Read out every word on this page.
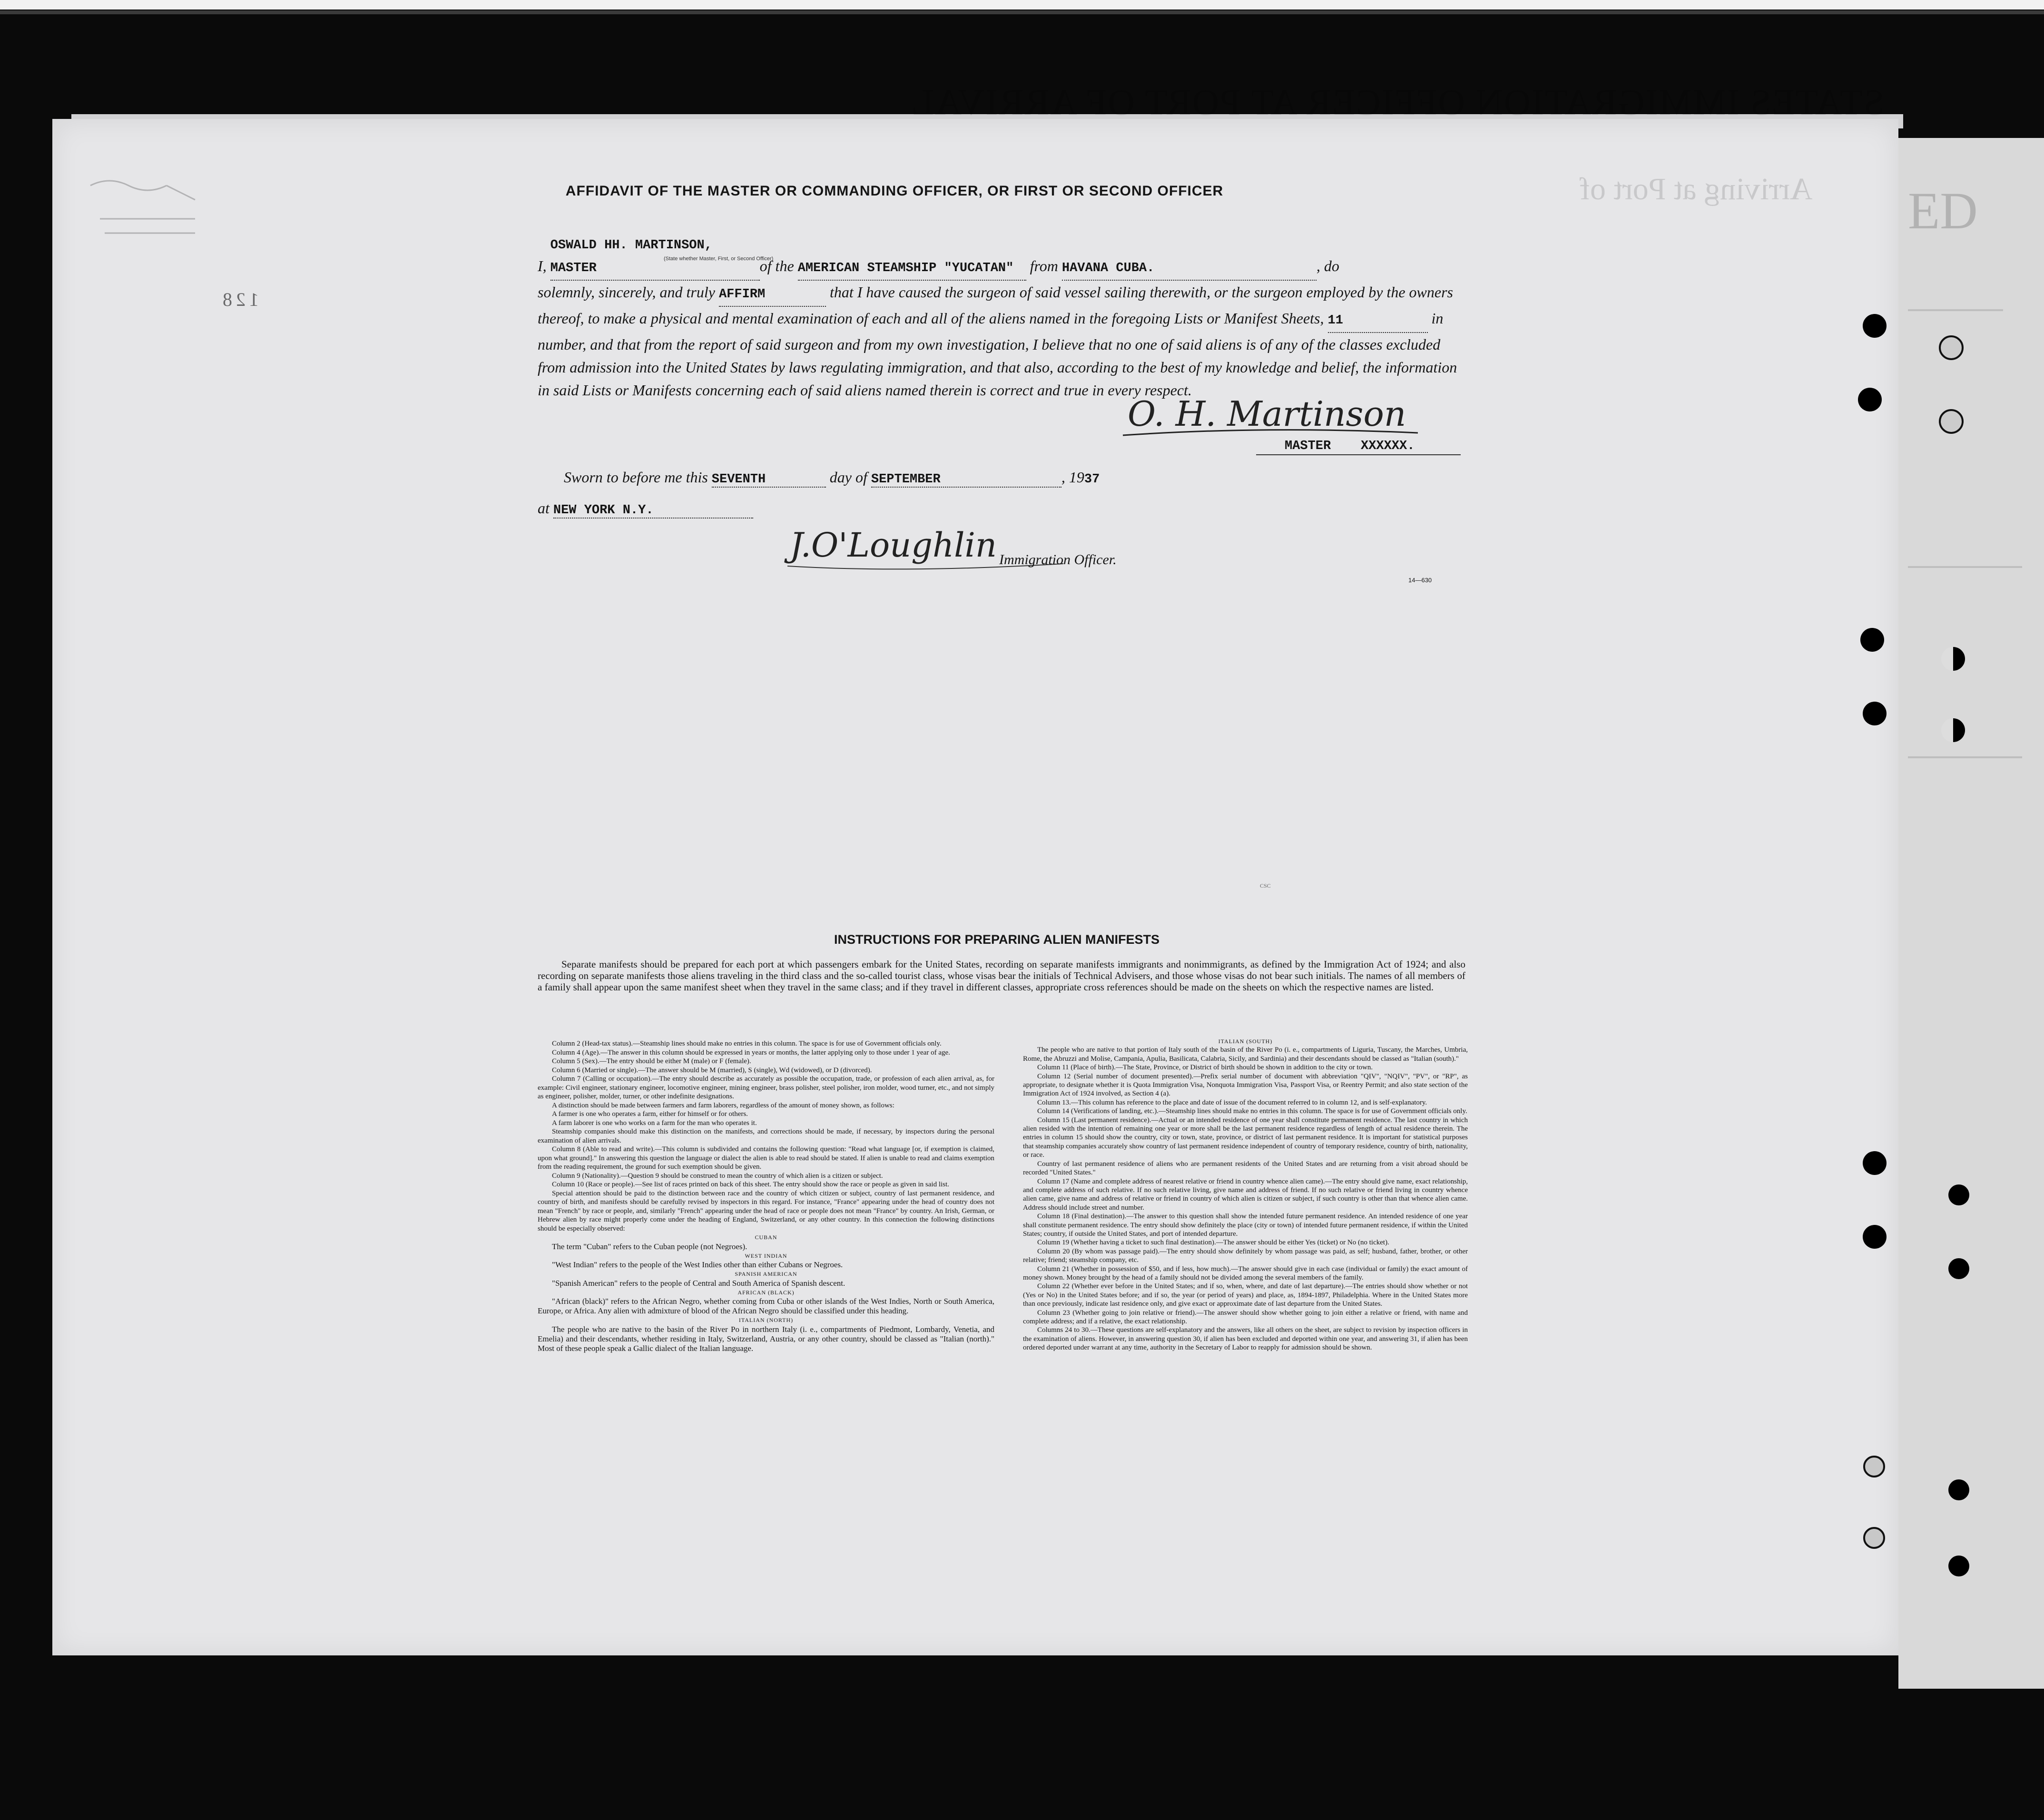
ED
STATES IMMIGRATION OFFICER AT PORT OF ARRIVAL
Arriving at Port of
128
AFFIDAVIT OF THE MASTER OR COMMANDING OFFICER, OR FIRST OR SECOND OFFICER
I, OSWALD HH. MARTINSON, MASTER	of the AMERICAN STEAMSHIP "YUCATAN" from HAVANA CUBA.	, do
solemnly, sincerely, and truly AFFIRM	that I have caused the surgeon of said vessel sailing therewith, or the surgeon employed by the owners thereof, to make a physical and mental examination of each and all of the aliens named in the foregoing Lists or Manifest Sheets, 11	in number, and that from the report of said surgeon and from my own investigation, I believe that no one of said aliens is of any of the classes excluded from admission into the United States by laws regulating immigration, and that also, according to the best of my knowledge and belief, the information in said Lists or Manifests concerning each of said aliens named therein is correct and true in every respect.
(State whether Master, First, or Second Officer)
O. H. Martinson
MASTER XXXXXX.
Sworn to before me this SEVENTH	day of SEPTEMBER	, 1937
at NEW YORK N.Y.
J.O'Loughlin Immigration Officer.
14—630
CSC
INSTRUCTIONS FOR PREPARING ALIEN MANIFESTS
Separate manifests should be prepared for each port at which passengers embark for the United States, recording on separate manifests immigrants and nonimmigrants, as defined by the Immigration Act of 1924; and also recording on separate manifests those aliens traveling in the third class and the so-called tourist class, whose visas bear the initials of Technical Advisers, and those whose visas do not bear such initials. The names of all members of a family shall appear upon the same manifest sheet when they travel in the same class; and if they travel in different classes, appropriate cross references should be made on the sheets on which the respective names are listed.

Column 2 (Head-tax status).—Steamship lines should make no entries in this column. The space is for use of Government officials only.

Column 4 (Age).—The answer in this column should be expressed in years or months, the latter applying only to those under 1 year of age.

Column 5 (Sex).—The entry should be either M (male) or F (female).

Column 6 (Married or single).—The answer should be M (married), S (single), Wd (widowed), or D (divorced).

Column 7 (Calling or occupation).—The entry should describe as accurately as possible the occupation, trade, or profession of each alien arrival, as, for example: Civil engineer, stationary engineer, locomotive engineer, mining engineer, brass polisher, steel polisher, iron molder, wood turner, etc., and not simply as engineer, polisher, molder, turner, or other indefinite designations.

A distinction should be made between farmers and farm laborers, regardless of the amount of money shown, as follows:

A farmer is one who operates a farm, either for himself or for others.

A farm laborer is one who works on a farm for the man who operates it.

Steamship companies should make this distinction on the manifests, and corrections should be made, if necessary, by inspectors during the personal examination of alien arrivals.

Column 8 (Able to read and write).—This column is subdivided and contains the following question: "Read what language [or, if exemption is claimed, upon what ground]." In answering this question the language or dialect the alien is able to read should be stated. If alien is unable to read and claims exemption from the reading requirement, the ground for such exemption should be given.

Column 9 (Nationality).—Question 9 should be construed to mean the country of which alien is a citizen or subject.

Column 10 (Race or people).—See list of races printed on back of this sheet. The entry should show the race or people as given in said list.

Special attention should be paid to the distinction between race and the country of which citizen or subject, country of last permanent residence, and country of birth, and manifests should be carefully revised by inspectors in this regard. For instance, "France" appearing under the head of country does not mean "French" by race or people, and, similarly "French" appearing under the head of race or people does not mean "France" by country. An Irish, German, or Hebrew alien by race might properly come under the heading of England, Switzerland, or any other country. In this connection the following distinctions should be especially observed:

CUBAN

The term "Cuban" refers to the Cuban people (not Negroes).

WEST INDIAN

"West Indian" refers to the people of the West Indies other than either Cubans or Negroes.

SPANISH AMERICAN

"Spanish American" refers to the people of Central and South America of Spanish descent.

AFRICAN (BLACK)

"African (black)" refers to the African Negro, whether coming from Cuba or other islands of the West Indies, North or South America, Europe, or Africa. Any alien with admixture of blood of the African Negro should be classified under this heading.

ITALIAN (NORTH)

The people who are native to the basin of the River Po in northern Italy (i. e., compartments of Piedmont, Lombardy, Venetia, and Emelia) and their descendants, whether residing in Italy, Switzerland, Austria, or any other country, should be classed as "Italian (north)." Most of these people speak a Gallic dialect of the Italian language.

ITALIAN (SOUTH)

The people who are native to that portion of Italy south of the basin of the River Po (i. e., compartments of Liguria, Tuscany, the Marches, Umbria, Rome, the Abruzzi and Molise, Campania, Apulia, Basilicata, Calabria, Sicily, and Sardinia) and their descendants should be classed as "Italian (south)."

Column 11 (Place of birth).—The State, Province, or District of birth should be shown in addition to the city or town.

Column 12 (Serial number of document presented).—Prefix serial number of document with abbreviation "QIV", "NQIV", "PV", or "RP", as appropriate, to designate whether it is Quota Immigration Visa, Nonquota Immigration Visa, Passport Visa, or Reentry Permit; and also state section of the Immigration Act of 1924 involved, as Section 4 (a).

Column 13.—This column has reference to the place and date of issue of the document referred to in column 12, and is self-explanatory.

Column 14 (Verifications of landing, etc.).—Steamship lines should make no entries in this column. The space is for use of Government officials only.

Column 15 (Last permanent residence).—Actual or an intended residence of one year shall constitute permanent residence. The last country in which alien resided with the intention of remaining one year or more shall be the last permanent residence regardless of length of actual residence therein. The entries in column 15 should show the country, city or town, state, province, or district of last permanent residence. It is important for statistical purposes that steamship companies accurately show country of last permanent residence independent of country of temporary residence, country of birth, nationality, or race.

Country of last permanent residence of aliens who are permanent residents of the United States and are returning from a visit abroad should be recorded "United States."

Column 17 (Name and complete address of nearest relative or friend in country whence alien came).—The entry should give name, exact relationship, and complete address of such relative. If no such relative living, give name and address of friend. If no such relative or friend living in country whence alien came, give name and address of relative or friend in country of which alien is citizen or subject, if such country is other than that whence alien came. Address should include street and number.

Column 18 (Final destination).—The answer to this question shall show the intended future permanent residence. An intended residence of one year shall constitute permanent residence. The entry should show definitely the place (city or town) of intended future permanent residence, if within the United States; country, if outside the United States, and port of intended departure.

Column 19 (Whether having a ticket to such final destination).—The answer should be either Yes (ticket) or No (no ticket).

Column 20 (By whom was passage paid).—The entry should show definitely by whom passage was paid, as self; husband, father, brother, or other relative; friend; steamship company, etc.

Column 21 (Whether in possession of $50, and if less, how much).—The answer should give in each case (individual or family) the exact amount of money shown. Money brought by the head of a family should not be divided among the several members of the family.

Column 22 (Whether ever before in the United States; and if so, when, where, and date of last departure).—The entries should show whether or not (Yes or No) in the United States before; and if so, the year (or period of years) and place, as, 1894-1897, Philadelphia. Where in the United States more than once previously, indicate last residence only, and give exact or approximate date of last departure from the United States.

Column 23 (Whether going to join relative or friend).—The answer should show whether going to join either a relative or friend, with name and complete address; and if a relative, the exact relationship.

Columns 24 to 30.—These questions are self-explanatory and the answers, like all others on the sheet, are subject to revision by inspection officers in the examination of aliens. However, in answering question 30, if alien has been excluded and deported within one year, and answering 31, if alien has been ordered deported under warrant at any time, authority in the Secretary of Labor to reapply for admission should be shown.
